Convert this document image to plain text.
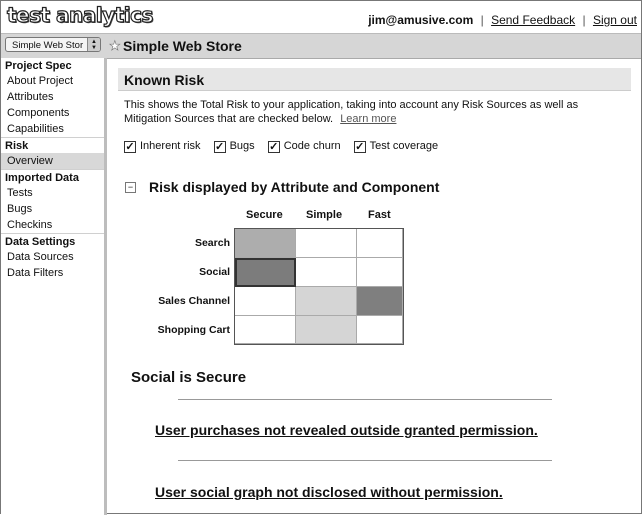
test analytics	jim@amusive.com | Send Feedback | Sign out
Simple Web Stor	▲
▼ ★ Simple Web Store
Project Spec
About Project
Attributes
Components
Capabilities
Risk
Overview
Imported Data
Tests
Bugs
Checkins
Data Settings
Data Sources
Data Filters
Known Risk
This shows the Total Risk to your application, taking into account any Risk Sources as well as Mitigation Sources that are checked below. Learn more
✓ Inherent risk ✓ Bugs ✓ Code churn ✓ Test coverage
− Risk displayed by Attribute and Component
Secure Simple Fast
Search
Social
Sales Channel
Shopping Cart
Social is Secure
User purchases not revealed outside granted permission.
User social graph not disclosed without permission.
